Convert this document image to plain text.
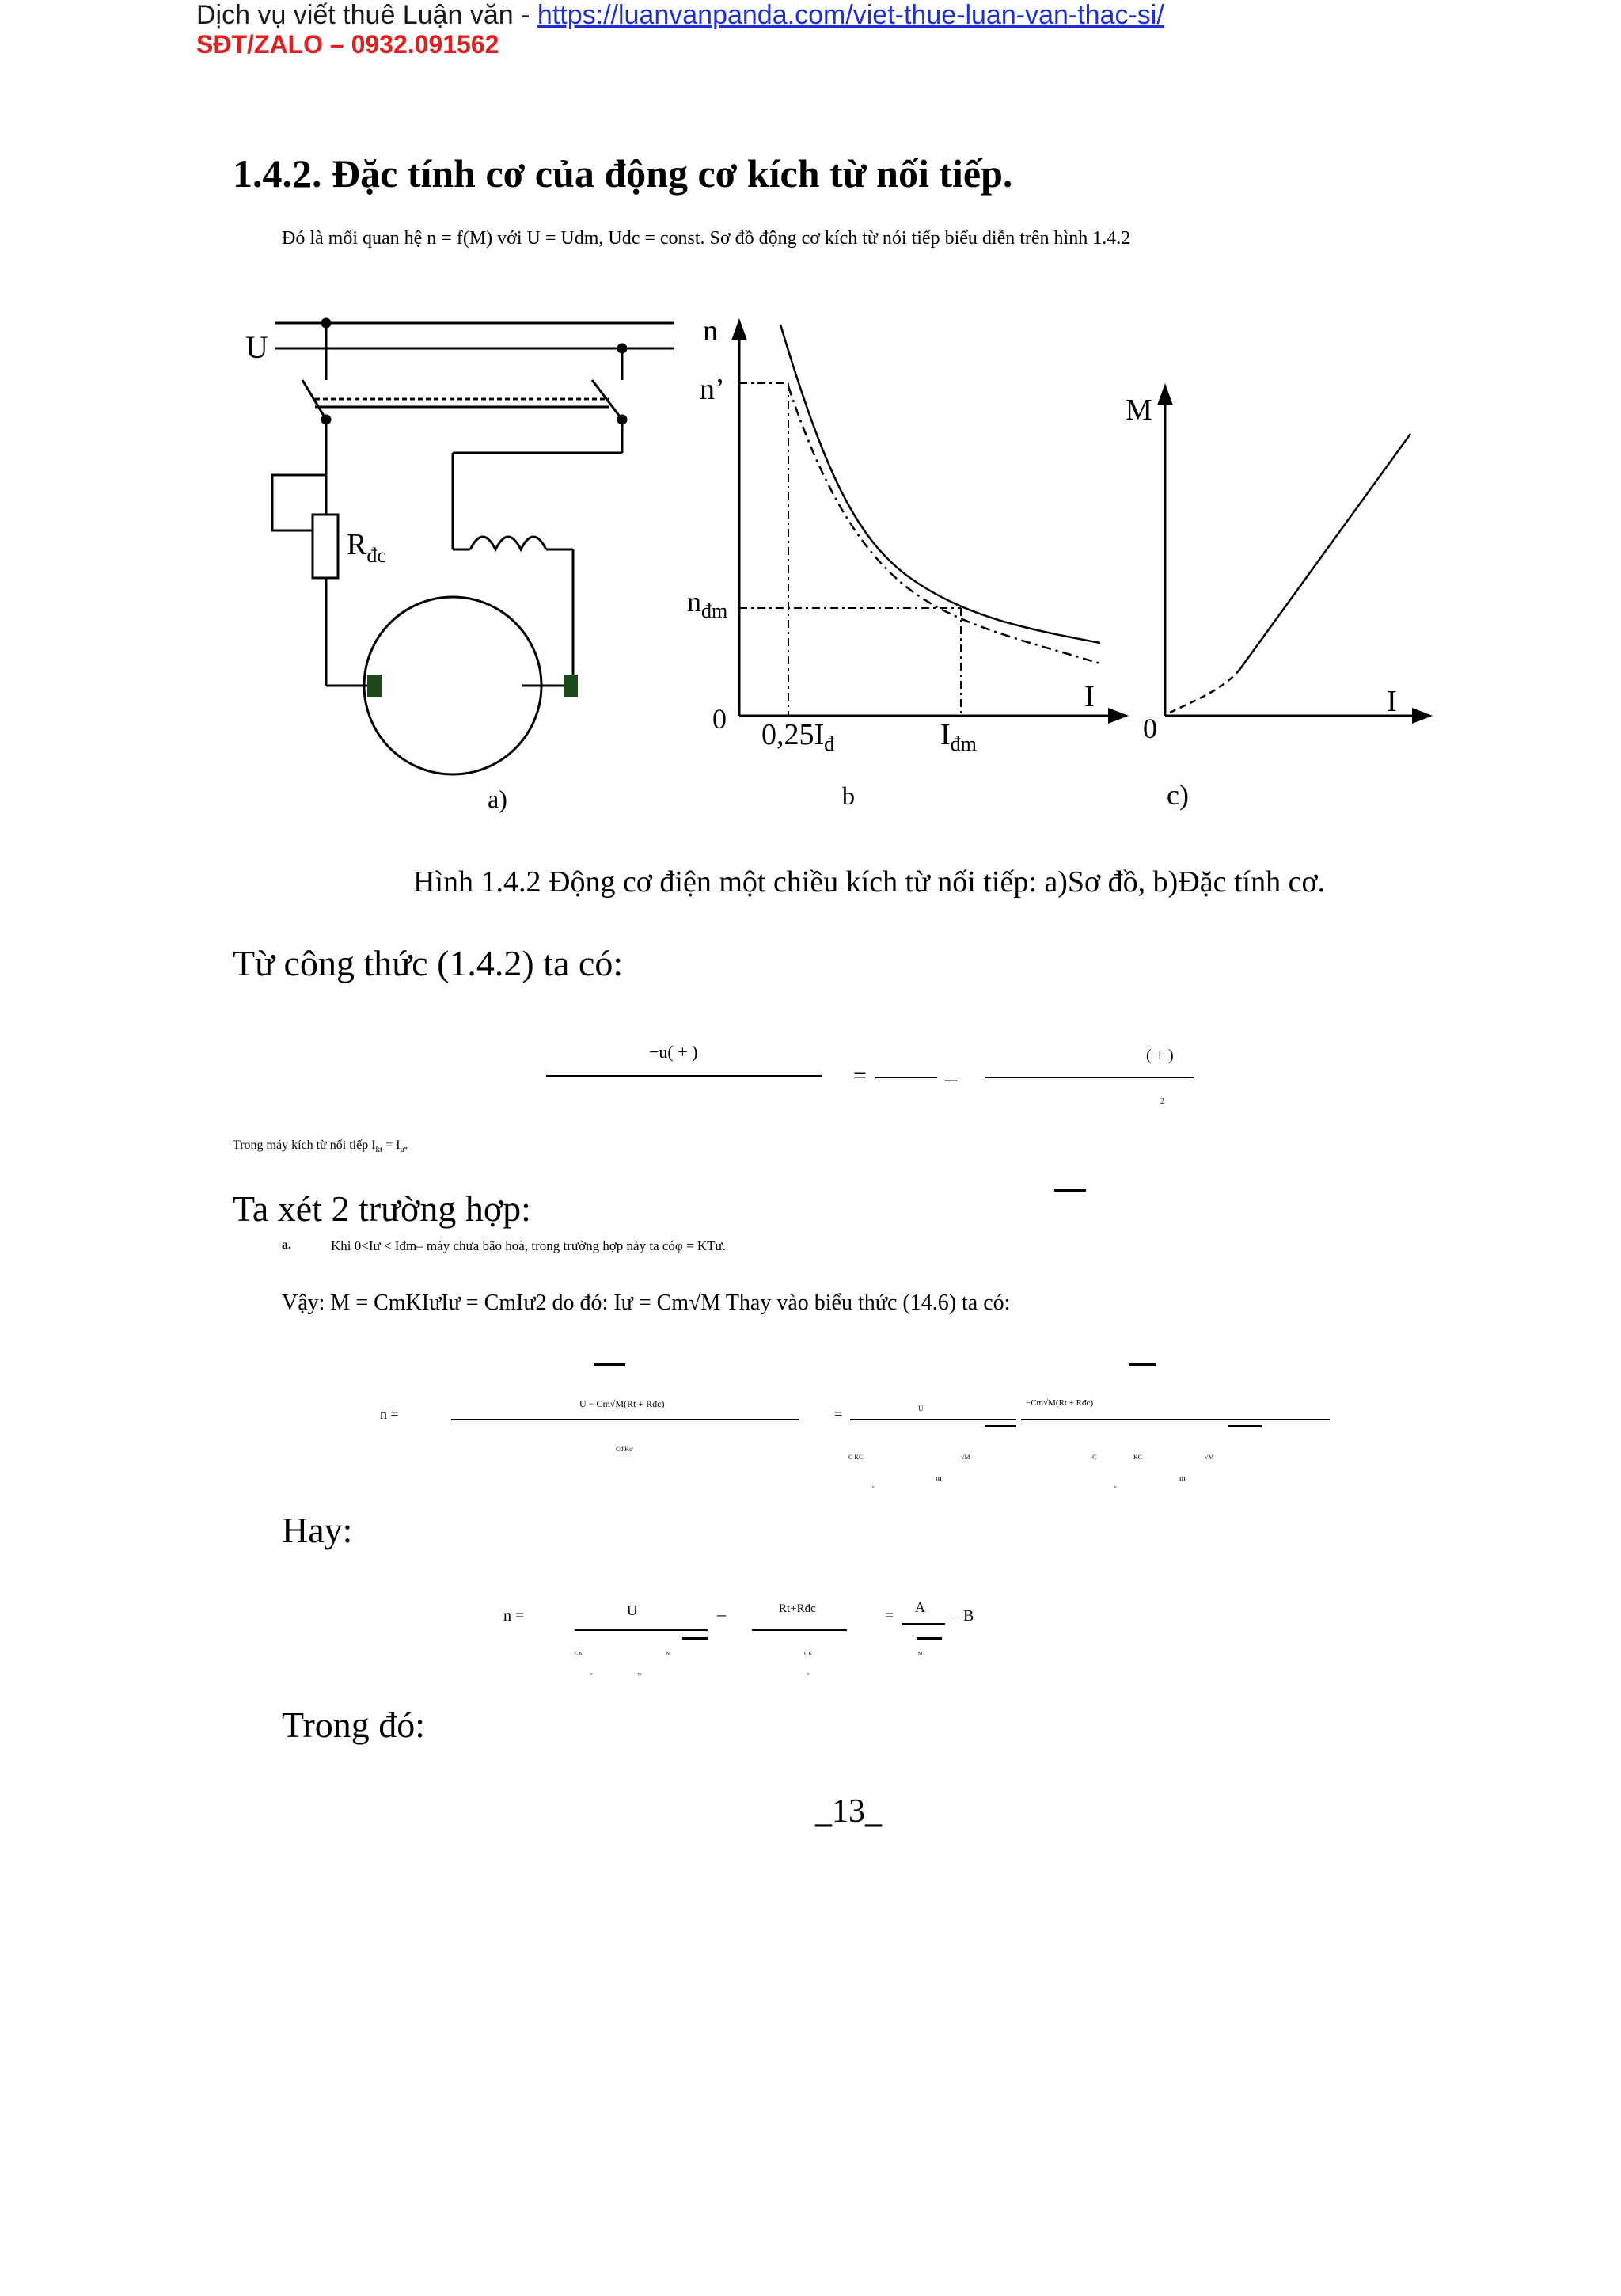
Dịch vụ viết thuê Luận văn - https://luanvanpanda.com/viet-thue-luan-van-thac-si/
SĐT/ZALO – 0932.091562
1.4.2. Đặc tính cơ của động cơ kích từ nối tiếp.
Đó là mối quan hệ n = f(M) với U = Udm, Udc = const. Sơ đồ động cơ kích từ nói tiếp biểu diễn trên hình 1.4.2
U
$R_{đc}$
a)
n
n’
$n_{đm}$
I
0 $0,25I_đ$	$I_{đm}$
b
M
I
0
c)
Hình 1.4.2 Động cơ điện một chiều kích từ nối tiếp: a)Sơ đồ, b)Đặc tính cơ.
Từ công thức (1.4.2) ta có:
−u( + )
=	–
( + )
2
Trong máy kích từ nối tiếp $I_{kt} = I_ư$.
Ta xét 2 trường hợp:
a.	Khi 0<Iư < Iđm– máy chưa bão hoà, trong trường hợp này ta cóφ = KTư.
Vậy: M = CmKIưIư = CmIư2 do đó: Iư = Cm√M Thay vào biểu thức (14.6) ta có:
n =
U − Cm√M(Rt + Rđc)
CΦKư
=	U
−Cm√M(Rt + Rđc)
C KC	√M	C	KC	√M
m	m
e	e
Hay:
n =	U	–	Rt+Rđc	= A – B
C K	M	C K	M
e	m	e
Trong đó:
_13_
